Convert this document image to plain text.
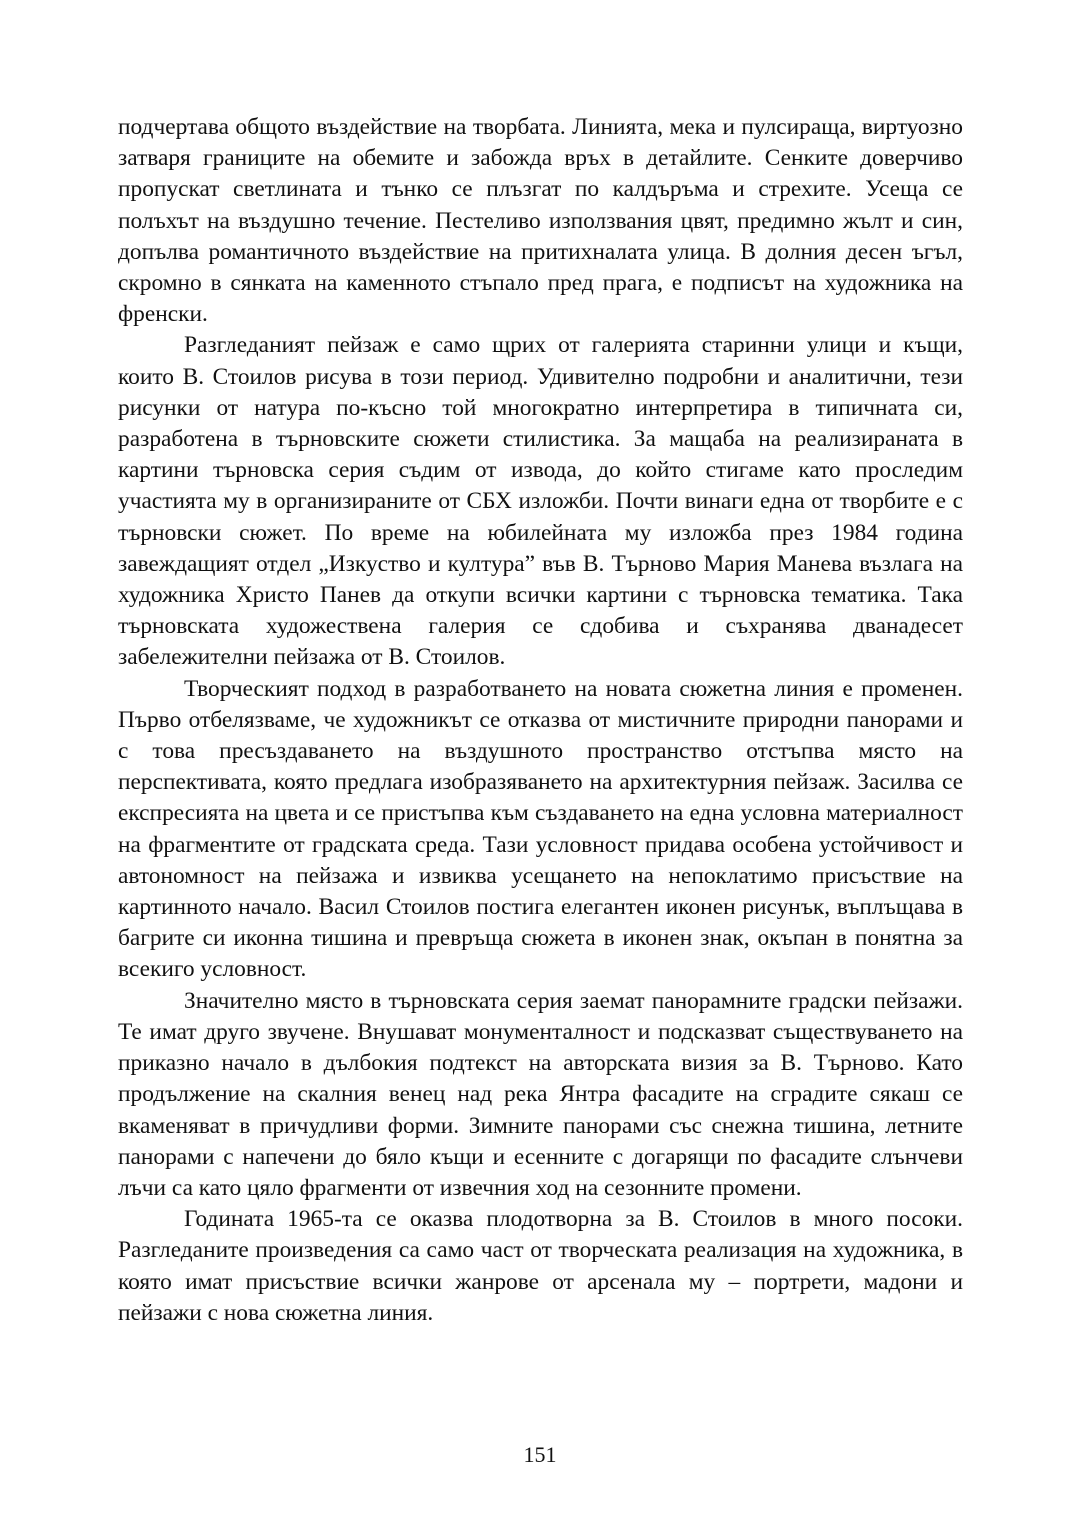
подчертава общото въздействие на творбата. Линията, мека и пулсираща, виртуозно затваря границите на обемите и забожда връх в детайлите. Сенките доверчиво пропускат светлината и тънко се плъзгат по калдъръма и стрехите. Усеща се полъхът на въздушно течение. Пестеливо използвания цвят, предимно жълт и син, допълва романтичното въздействие на притихналата улица. В долния десен ъгъл, скромно в сянката на каменното стъпало пред прага, е подписът на художника на френски.

Разгледаният пейзаж е само щрих от галерията старинни улици и къщи, които В. Стоилов рисува в този период. Удивително подробни и аналитични, тези рисунки от натура по-късно той многократно интерпретира в типичната си, разработена в търновските сюжети стилистика. За мащаба на реализираната в картини търновска серия съдим от извода, до който стигаме като проследим участията му в организираните от СБХ изложби. Почти винаги една от творбите е с търновски сюжет. По време на юбилейната му изложба през 1984 година завеждащият отдел „Изкуство и култура” във В. Търново Мария Манева възлага на художника Христо Панев да откупи всички картини с търновска тематика. Така търновската художествена галерия се сдобива и съхранява дванадесет забележителни пейзажа от В. Стоилов.

Творческият подход в разработването на новата сюжетна линия е променен. Първо отбелязваме, че художникът се отказва от мистичните природни панорами и с това пресъздаването на въздушното пространство отстъпва място на перспективата, която предлага изобразяването на архитектурния пейзаж. Засилва се експресията на цвета и се пристъпва към създаването на една условна материалност на фрагментите от градската среда. Тази условност придава особена устойчивост и автономност на пейзажа и извиква усещането на непоклатимо присъствие на картинното начало. Васил Стоилов постига елегантен иконен рисунък, въплъщава в багрите си иконна тишина и превръща сюжета в иконен знак, окъпан в понятна за всекиго условност.

Значително място в търновската серия заемат панорамните градски пейзажи. Те имат друго звучене. Внушават монументалност и подсказват съществуването на приказно начало в дълбокия подтекст на авторската визия за В. Търново. Като продължение на скалния венец над река Янтра фасадите на сградите сякаш се вкаменяват в причудливи форми. Зимните панорами със снежна тишина, летните панорами с напечени до бяло къщи и есенните с догарящи по фасадите слънчеви лъчи са като цяло фрагменти от извечния ход на сезонните промени.

Годината 1965-та се оказва плодотворна за В. Стоилов в много посоки. Разгледаните произведения са само част от творческата реализация на художника, в която имат присъствие всички жанрове от арсенала му – портрети, мадони и пейзажи с нова сюжетна линия.

151
